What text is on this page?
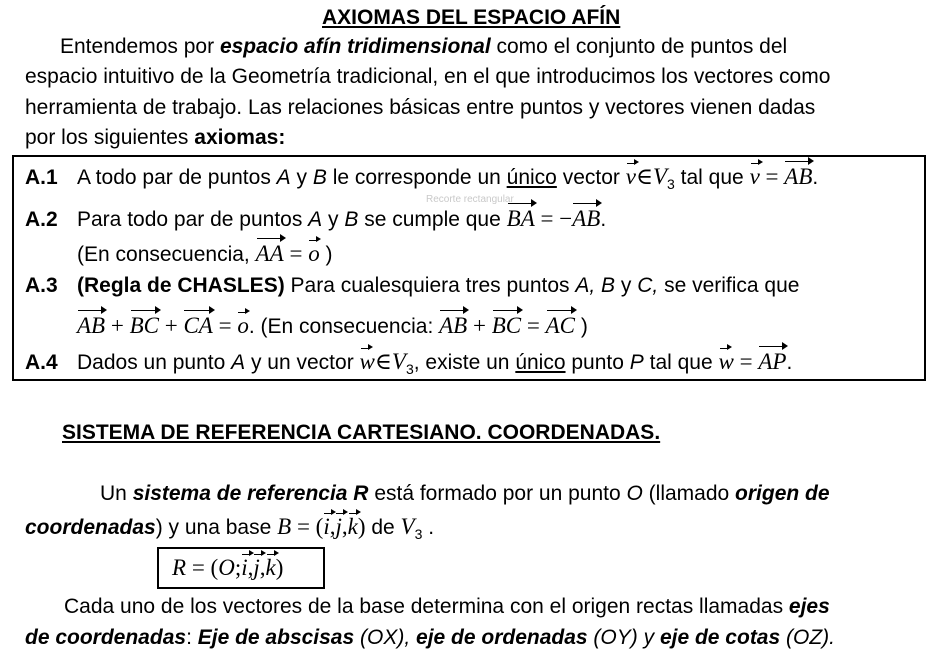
AXIOMAS DEL ESPACIO AFÍN
Entendemos por espacio afín tridimensional como el conjunto de puntos del
espacio intuitivo de la Geometría tradicional, en el que introducimos los vectores como
herramienta de trabajo. Las relaciones básicas entre puntos y vectores vienen dadas
por los siguientes axiomas:
Recorte rectangular
A.1 A todo par de puntos A y B le corresponde un único vector $v\in V_3$ tal que v = AB.
A.2 Para todo par de puntos A y B se cumple que BA = −AB.
(En consecuencia, AA = o )
A.3 (Regla de CHASLES) Para cualesquiera tres puntos A, B y C, se verifica que
AB + BC + CA = o. (En consecuencia: AB + BC = AC )
A.4 Dados un punto A y un vector $w\in V_3$, existe un único punto P tal que w = AP.
SISTEMA DE REFERENCIA CARTESIANO. COORDENADAS.
Un sistema de referencia R está formado por un punto O (llamado origen de
coordenadas) y una base B = (i,j,k) de $V_3$ .
R = (O;i,j,k)
Cada uno de los vectores de la base determina con el origen rectas llamadas ejes
de coordenadas: Eje de abscisas (OX), eje de ordenadas (OY) y eje de cotas (OZ).
